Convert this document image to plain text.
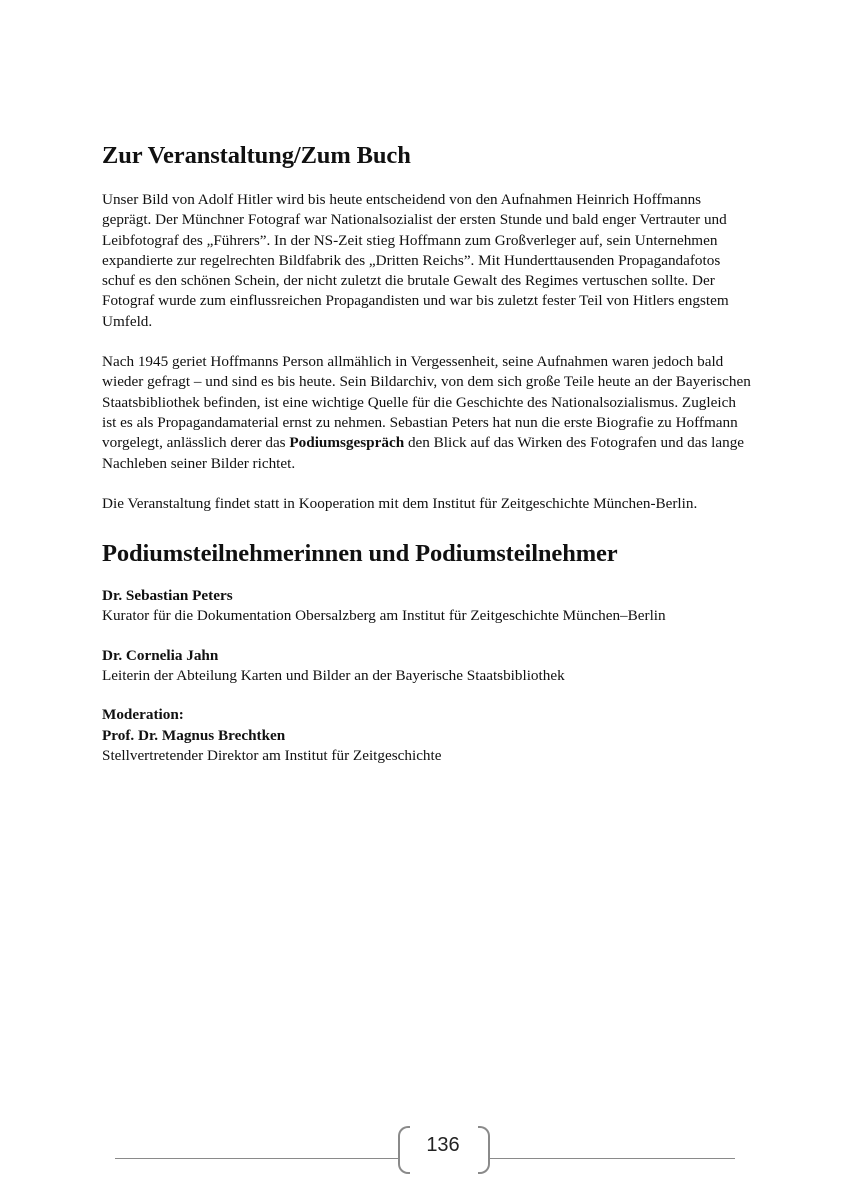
Zur Veranstaltung/Zum Buch

Unser Bild von Adolf Hitler wird bis heute entscheidend von den Aufnahmen Heinrich Hoffmanns geprägt. Der Münchner Fotograf war Nationalsozialist der ersten Stunde und bald enger Vertrauter und Leibfotograf des „Führers”. In der NS-Zeit stieg Hoffmann zum Großverleger auf, sein Unternehmen expandierte zur regelrechten Bildfabrik des „Dritten Reichs”. Mit Hunderttausenden Propagandafotos schuf es den schönen Schein, der nicht zuletzt die brutale Gewalt des Regimes vertuschen sollte. Der Fotograf wurde zum einflussreichen Propagandisten und war bis zuletzt fester Teil von Hitlers engstem Umfeld.

Nach 1945 geriet Hoffmanns Person allmählich in Vergessenheit, seine Aufnahmen waren jedoch bald wieder gefragt – und sind es bis heute. Sein Bildarchiv, von dem sich große Teile heute an der Bayerischen Staatsbibliothek befinden, ist eine wichtige Quelle für die Geschichte des Nationalsozialismus. Zugleich ist es als Propagandamaterial ernst zu nehmen. Sebastian Peters hat nun die erste Biografie zu Hoffmann vorgelegt, anlässlich derer das Podiumsgespräch den Blick auf das Wirken des Fotografen und das lange Nachleben seiner Bilder richtet.

Die Veranstaltung findet statt in Kooperation mit dem Institut für Zeitgeschichte München-Berlin.

Podiumsteilnehmerinnen und Podiumsteilnehmer
Dr. Sebastian Peters
Kurator für die Dokumentation Obersalzberg am Institut für Zeitgeschichte München–Berlin
Dr. Cornelia Jahn
Leiterin der Abteilung Karten und Bilder an der Bayerische Staatsbibliothek
Moderation:
Prof. Dr. Magnus Brechtken
Stellvertretender Direktor am Institut für Zeitgeschichte
136
